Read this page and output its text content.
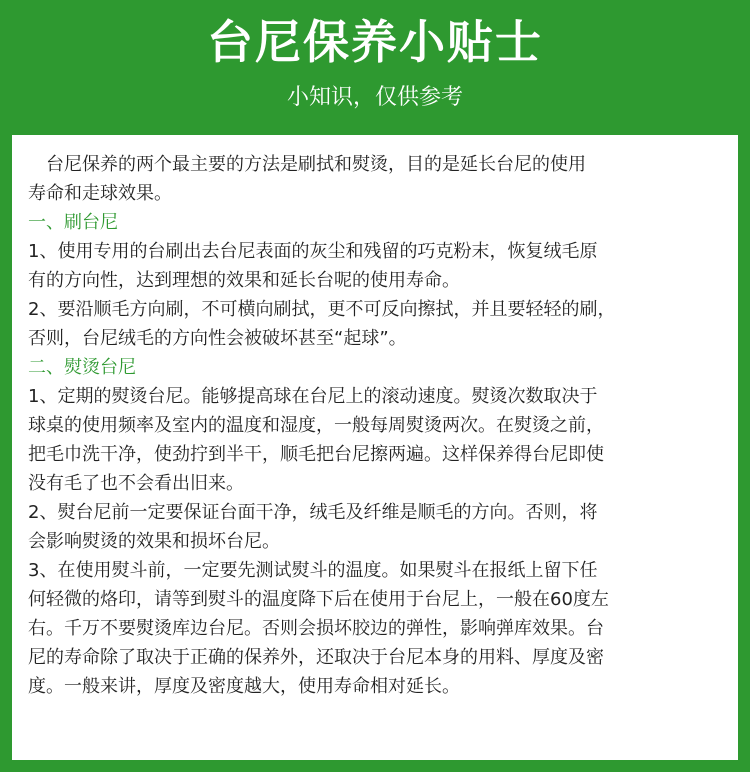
台尼保养小贴士
小知识，仅供参考
台尼保养的两个最主要的方法是刷拭和熨烫，目的是延长台尼的使用
寿命和走球效果。
一、刷台尼
1、使用专用的台刷出去台尼表面的灰尘和残留的巧克粉末，恢复绒毛原
有的方向性，达到理想的效果和延长台呢的使用寿命。
2、要沿顺毛方向刷，不可横向刷拭，更不可反向擦拭，并且要轻轻的刷，
否则，台尼绒毛的方向性会被破坏甚至“起球”。
二、熨烫台尼
1、定期的熨烫台尼。能够提高球在台尼上的滚动速度。熨烫次数取决于
球桌的使用频率及室内的温度和湿度，一般每周熨烫两次。在熨烫之前，
把毛巾洗干净，使劲拧到半干，顺毛把台尼擦两遍。这样保养得台尼即使
没有毛了也不会看出旧来。
2、熨台尼前一定要保证台面干净，绒毛及纤维是顺毛的方向。否则，将
会影响熨烫的效果和损坏台尼。
3、在使用熨斗前，一定要先测试熨斗的温度。如果熨斗在报纸上留下任
何轻微的烙印，请等到熨斗的温度降下后在使用于台尼上，一般在60度左
右。千万不要熨烫库边台尼。否则会损坏胶边的弹性，影响弹库效果。台
尼的寿命除了取决于正确的保养外，还取决于台尼本身的用料、厚度及密
度。一般来讲，厚度及密度越大，使用寿命相对延长。
